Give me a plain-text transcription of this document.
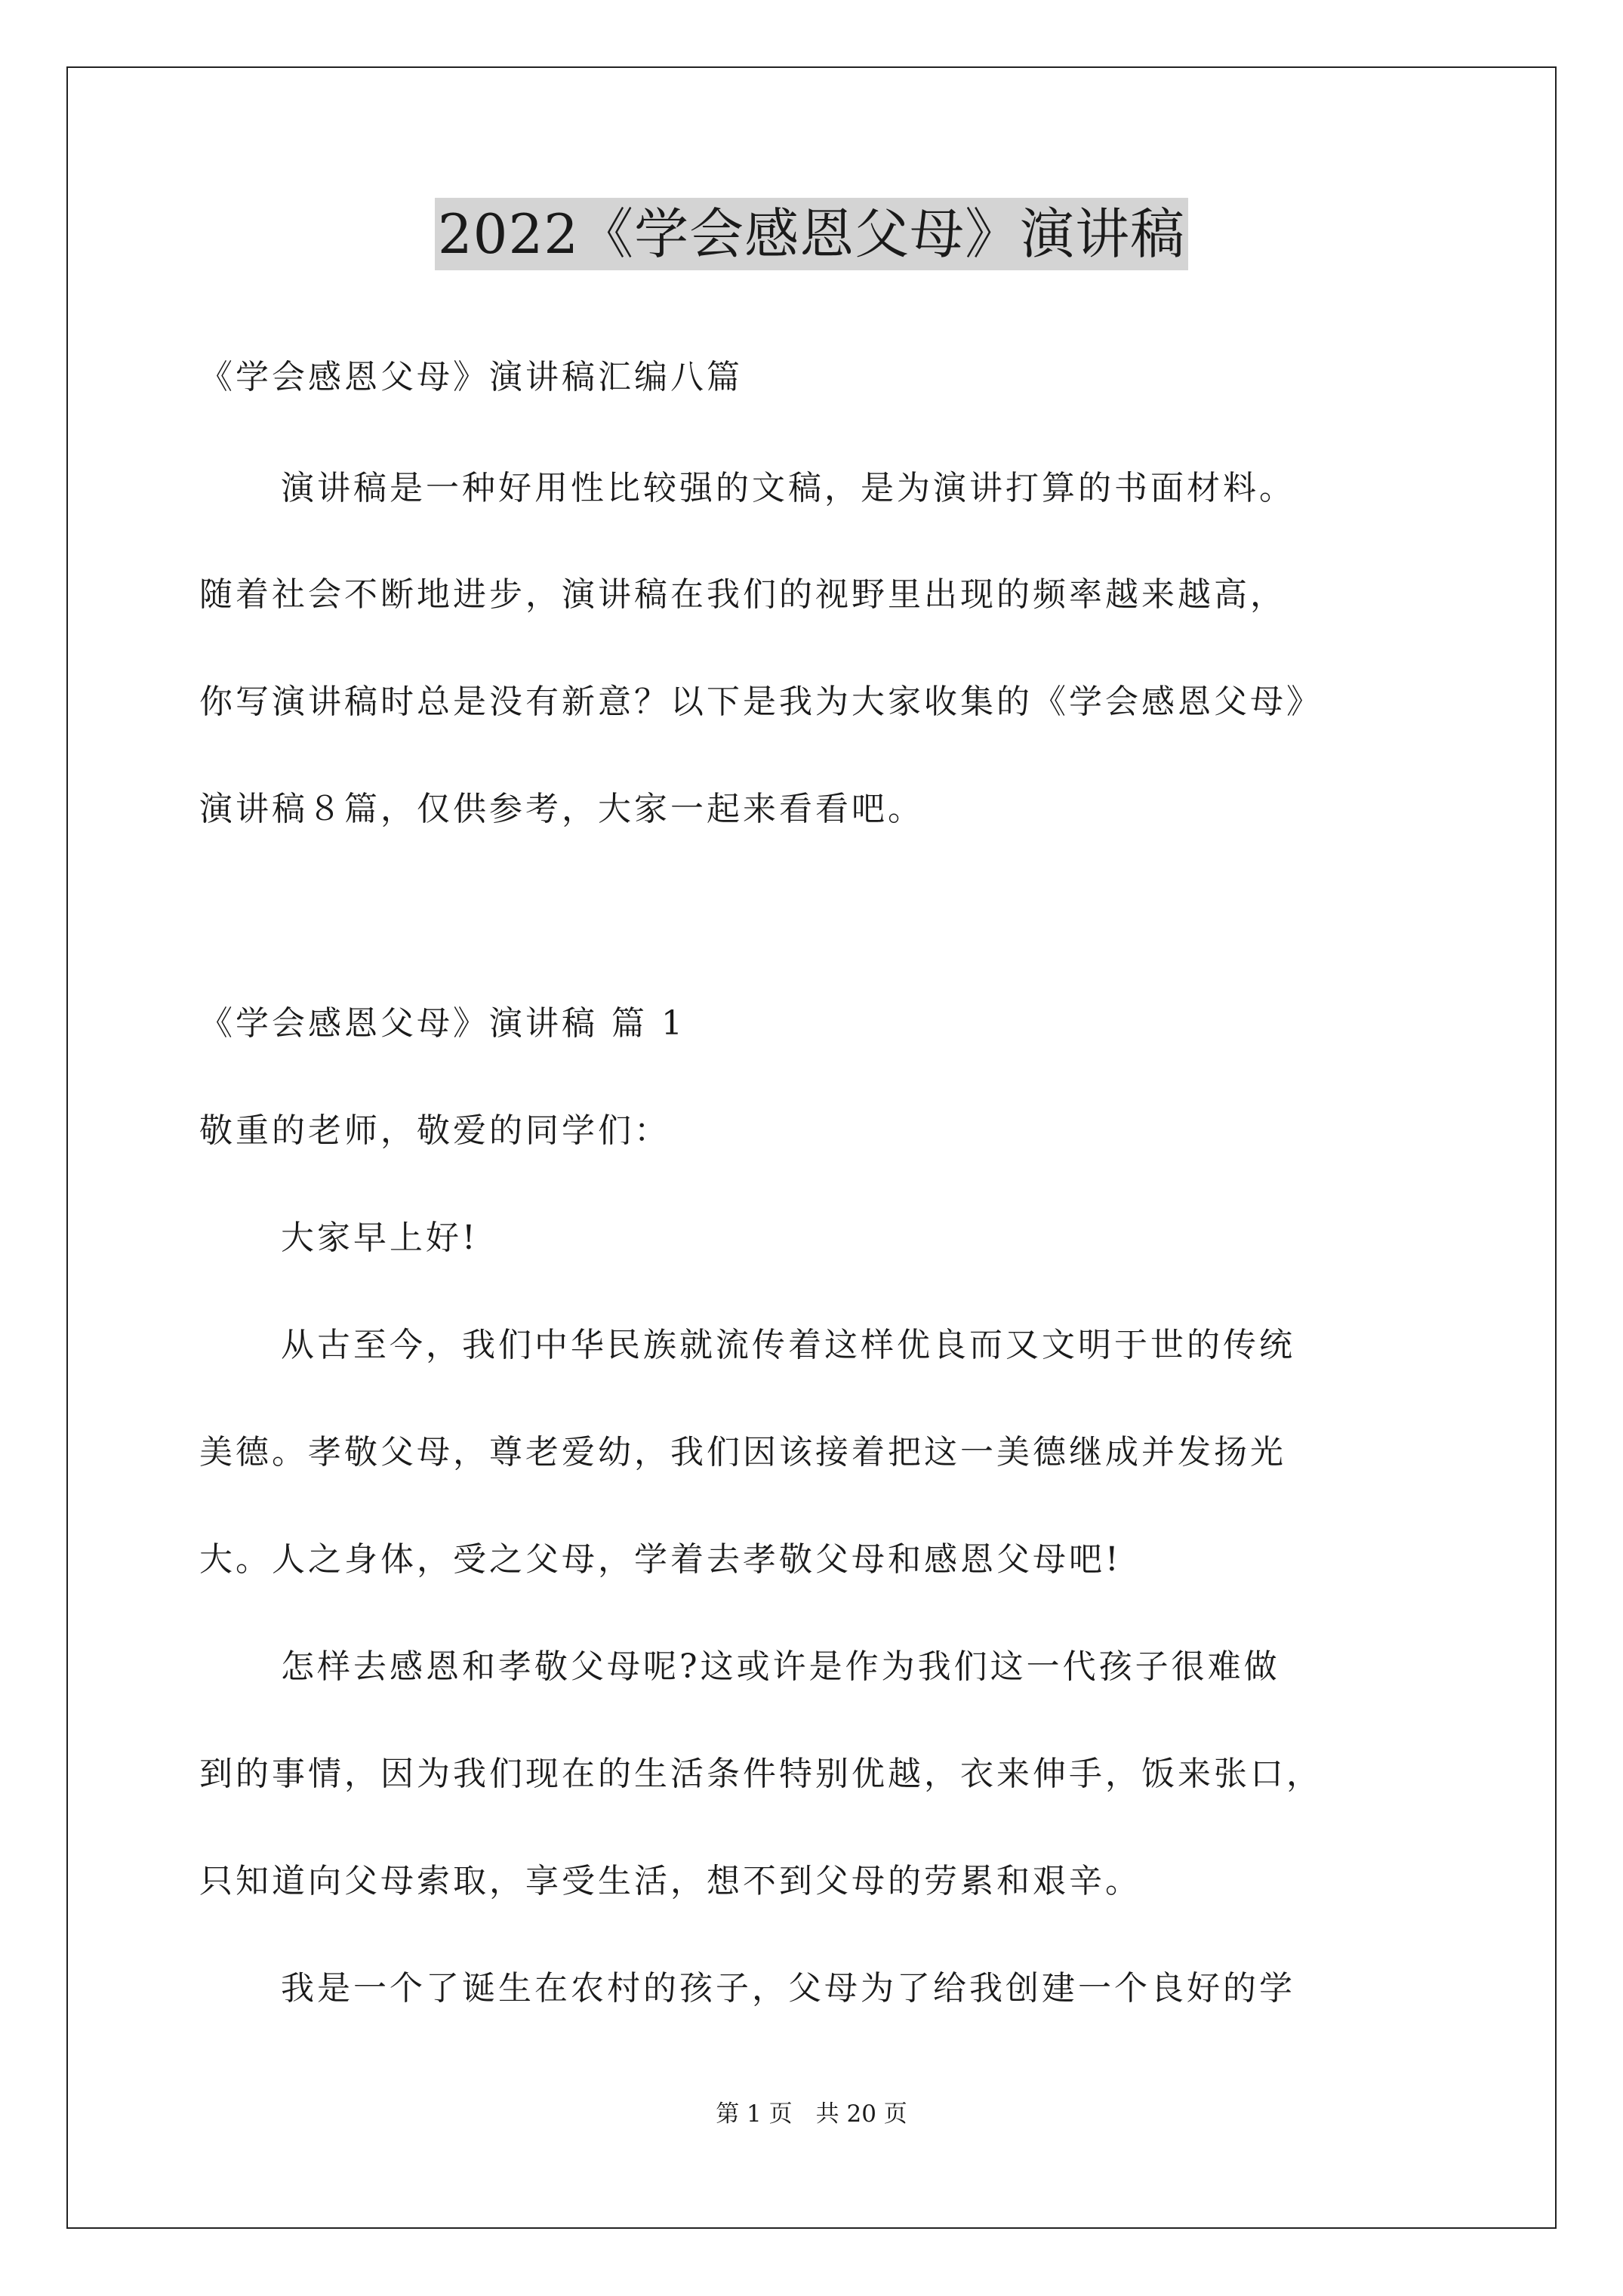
2022《学会感恩父母》演讲稿
《学会感恩父母》演讲稿汇编八篇
演讲稿是一种好用性比较强的文稿，是为演讲打算的书面材料。
随着社会不断地进步，演讲稿在我们的视野里出现的频率越来越高，
你写演讲稿时总是没有新意？以下是我为大家收集的《学会感恩父母》
演讲稿８篇，仅供参考，大家一起来看看吧。
《学会感恩父母》演讲稿 篇 1
敬重的老师，敬爱的同学们：
大家早上好!
从古至今，我们中华民族就流传着这样优良而又文明于世的传统
美德。孝敬父母，尊老爱幼，我们因该接着把这一美德继成并发扬光
大。人之身体，受之父母，学着去孝敬父母和感恩父母吧!
怎样去感恩和孝敬父母呢?这或许是作为我们这一代孩子很难做
到的事情，因为我们现在的生活条件特别优越，衣来伸手，饭来张口，
只知道向父母索取，享受生活，想不到父母的劳累和艰辛。
我是一个了诞生在农村的孩子，父母为了给我创建一个良好的学
第 1 页　共 20 页
